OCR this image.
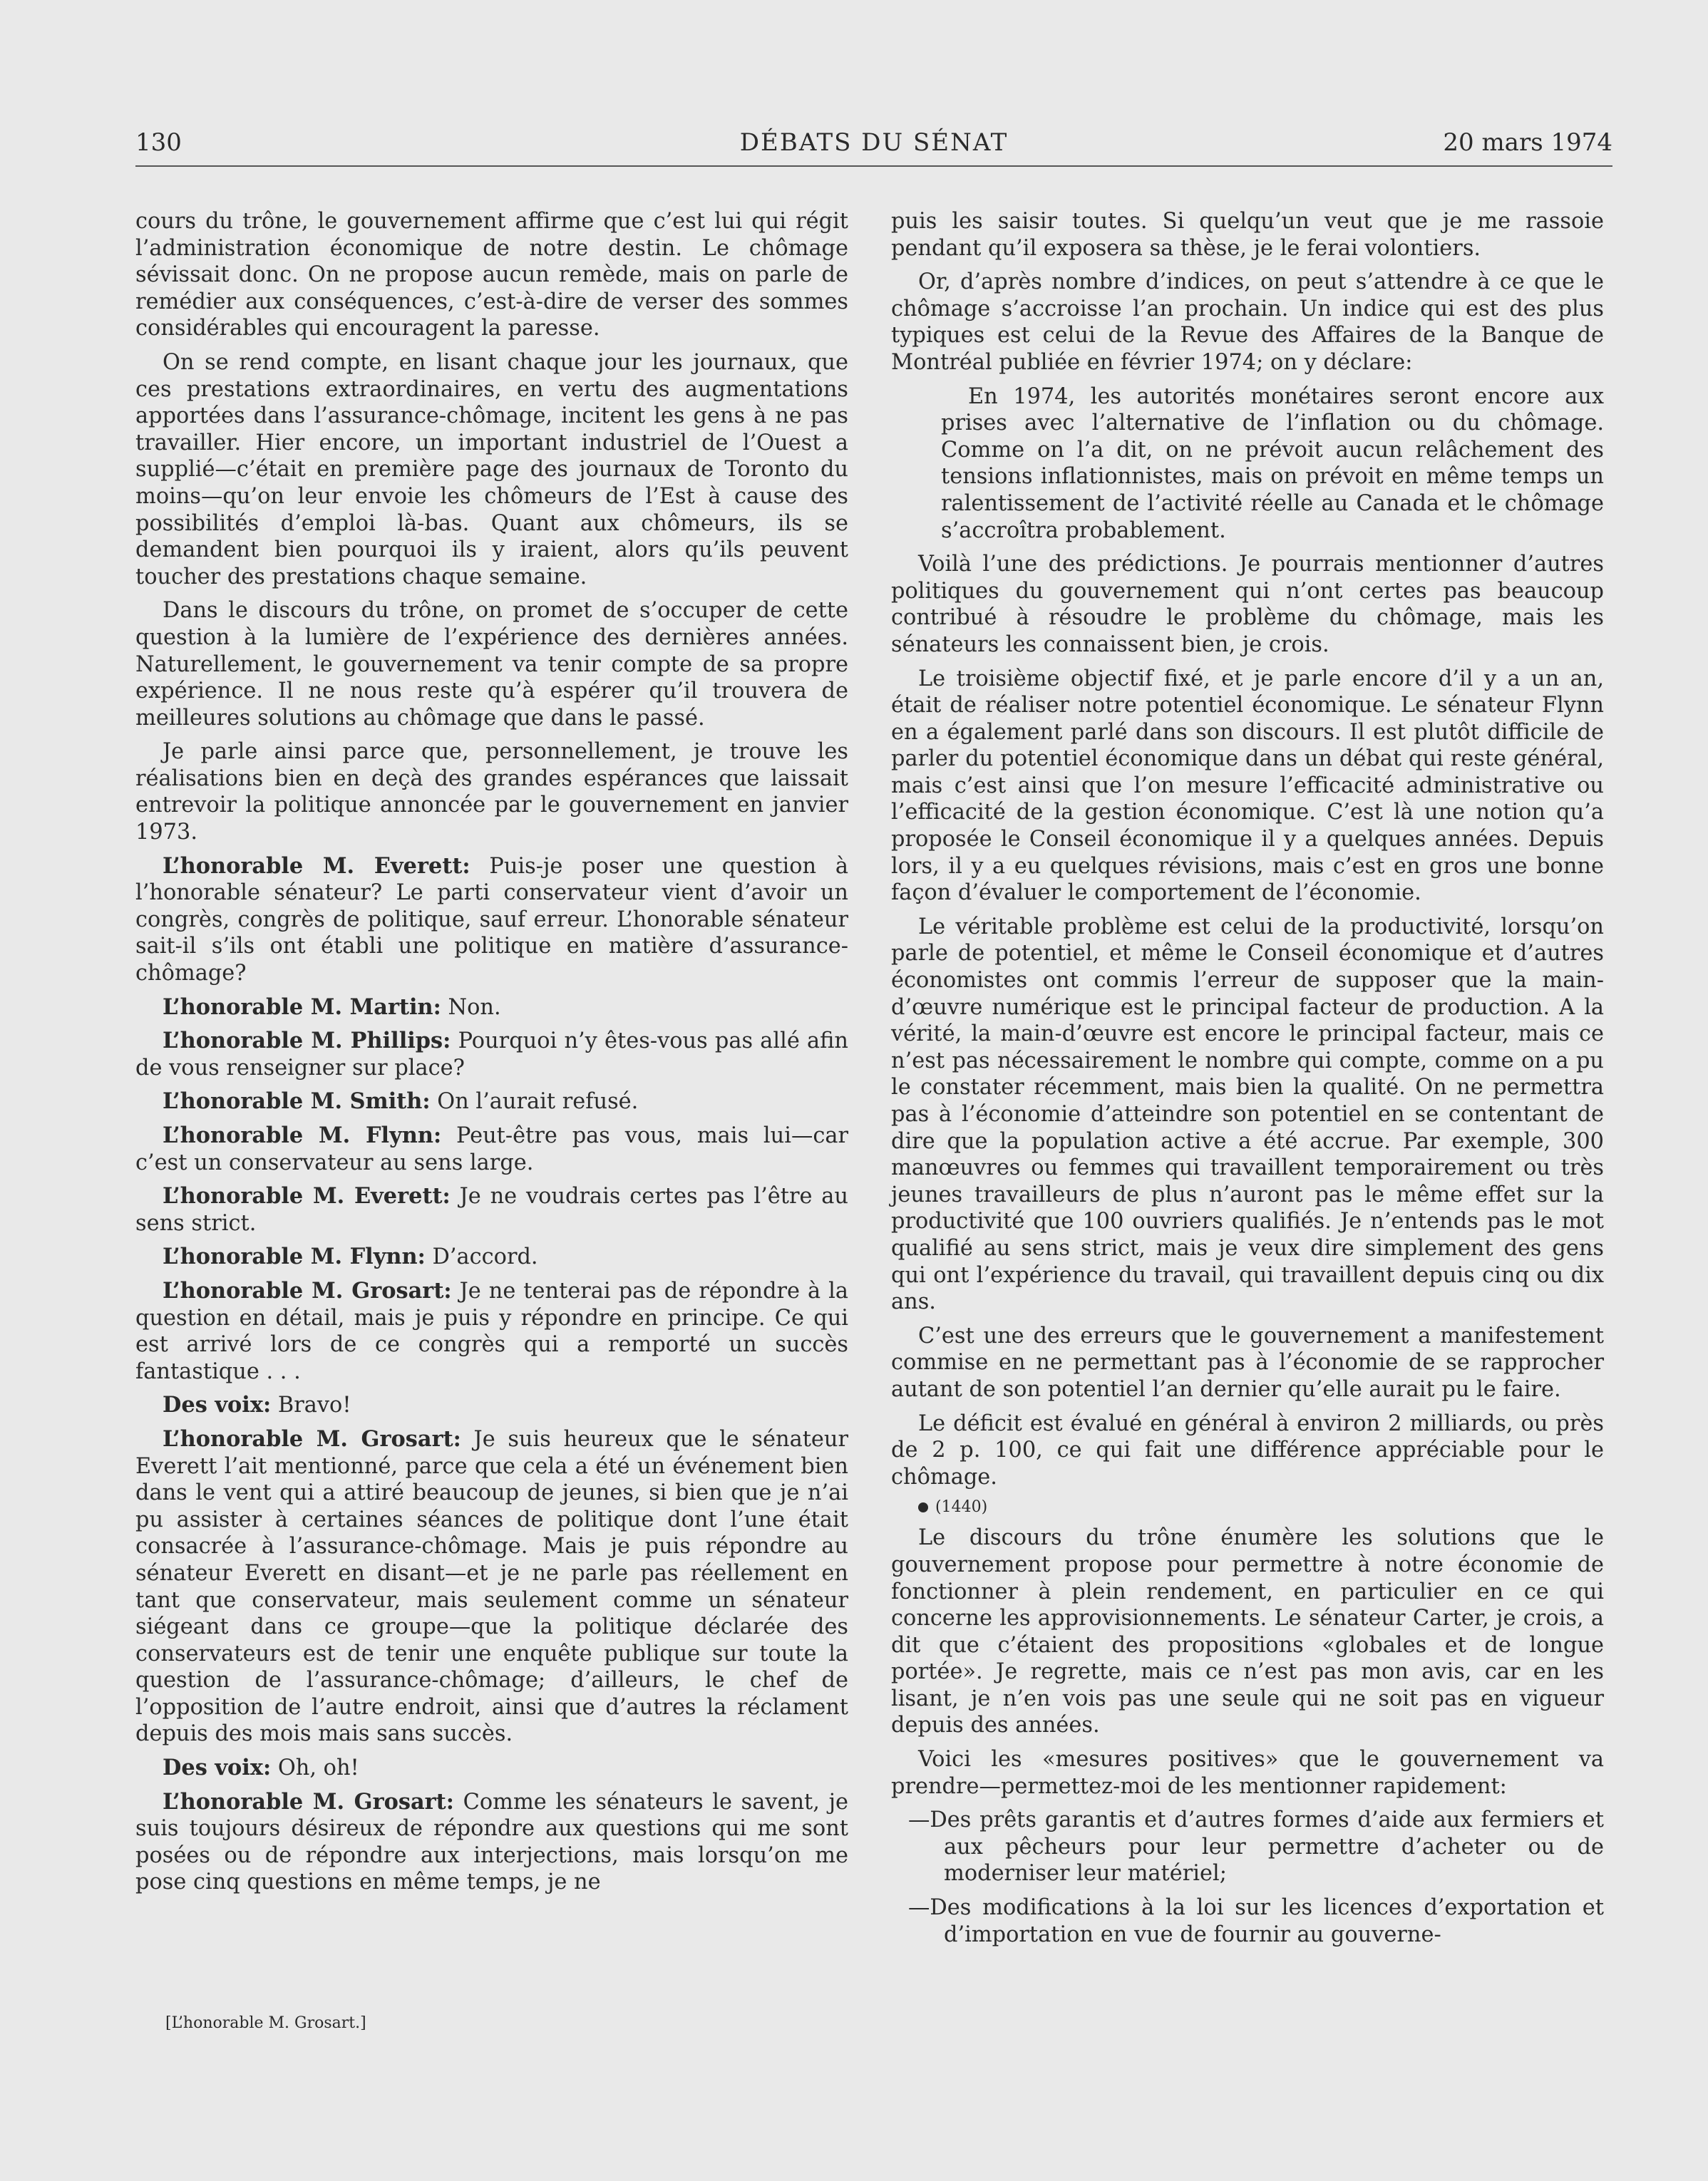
130	DÉBATS DU SÉNAT	20 mars 1974

cours du trône, le gouvernement affirme que c’est lui qui régit l’administration économique de notre destin. Le chômage sévissait donc. On ne propose aucun remède, mais on parle de remédier aux conséquences, c’est-à-dire de verser des sommes considérables qui encouragent la paresse.

On se rend compte, en lisant chaque jour les journaux, que ces prestations extraordinaires, en vertu des augmentations apportées dans l’assurance-chômage, incitent les gens à ne pas travailler. Hier encore, un important industriel de l’Ouest a supplié—c’était en première page des journaux de Toronto du moins—qu’on leur envoie les chômeurs de l’Est à cause des possibilités d’emploi là-bas. Quant aux chômeurs, ils se demandent bien pourquoi ils y iraient, alors qu’ils peuvent toucher des prestations chaque semaine.

Dans le discours du trône, on promet de s’occuper de cette question à la lumière de l’expérience des dernières années. Naturellement, le gouvernement va tenir compte de sa propre expérience. Il ne nous reste qu’à espérer qu’il trouvera de meilleures solutions au chômage que dans le passé.

Je parle ainsi parce que, personnellement, je trouve les réalisations bien en deçà des grandes espérances que laissait entrevoir la politique annoncée par le gouvernement en janvier 1973.

L’honorable M. Everett: Puis-je poser une question à l’honorable sénateur? Le parti conservateur vient d’avoir un congrès, congrès de politique, sauf erreur. L’honorable sénateur sait-il s’ils ont établi une politique en matière d’assurance-chômage?

L’honorable M. Martin: Non.

L’honorable M. Phillips: Pourquoi n’y êtes-vous pas allé afin de vous renseigner sur place?

L’honorable M. Smith: On l’aurait refusé.

L’honorable M. Flynn: Peut-être pas vous, mais lui—car c’est un conservateur au sens large.

L’honorable M. Everett: Je ne voudrais certes pas l’être au sens strict.

L’honorable M. Flynn: D’accord.

L’honorable M. Grosart: Je ne tenterai pas de répondre à la question en détail, mais je puis y répondre en principe. Ce qui est arrivé lors de ce congrès qui a remporté un succès fantastique . . .

Des voix: Bravo!

L’honorable M. Grosart: Je suis heureux que le sénateur Everett l’ait mentionné, parce que cela a été un événement bien dans le vent qui a attiré beaucoup de jeunes, si bien que je n’ai pu assister à certaines séances de politique dont l’une était consacrée à l’assurance-chômage. Mais je puis répondre au sénateur Everett en disant—et je ne parle pas réellement en tant que conservateur, mais seulement comme un sénateur siégeant dans ce groupe—que la politique déclarée des conservateurs est de tenir une enquête publique sur toute la question de l’assurance-chômage; d’ailleurs, le chef de l’opposition de l’autre endroit, ainsi que d’autres la réclament depuis des mois mais sans succès.

Des voix: Oh, oh!

L’honorable M. Grosart: Comme les sénateurs le savent, je suis toujours désireux de répondre aux questions qui me sont posées ou de répondre aux interjections, mais lorsqu’on me pose cinq questions en même temps, je ne

puis les saisir toutes. Si quelqu’un veut que je me rassoie pendant qu’il exposera sa thèse, je le ferai volontiers.

Or, d’après nombre d’indices, on peut s’attendre à ce que le chômage s’accroisse l’an prochain. Un indice qui est des plus typiques est celui de la Revue des Affaires de la Banque de Montréal publiée en février 1974; on y déclare:

En 1974, les autorités monétaires seront encore aux prises avec l’alternative de l’inflation ou du chômage. Comme on l’a dit, on ne prévoit aucun relâchement des tensions inflationnistes, mais on prévoit en même temps un ralentissement de l’activité réelle au Canada et le chômage s’accroîtra probablement.

Voilà l’une des prédictions. Je pourrais mentionner d’autres politiques du gouvernement qui n’ont certes pas beaucoup contribué à résoudre le problème du chômage, mais les sénateurs les connaissent bien, je crois.

Le troisième objectif fixé, et je parle encore d’il y a un an, était de réaliser notre potentiel économique. Le sénateur Flynn en a également parlé dans son discours. Il est plutôt difficile de parler du potentiel économique dans un débat qui reste général, mais c’est ainsi que l’on mesure l’efficacité administrative ou l’efficacité de la gestion économique. C’est là une notion qu’a proposée le Conseil économique il y a quelques années. Depuis lors, il y a eu quelques révisions, mais c’est en gros une bonne façon d’évaluer le comportement de l’économie.

Le véritable problème est celui de la productivité, lorsqu’on parle de potentiel, et même le Conseil économique et d’autres économistes ont commis l’erreur de supposer que la main-d’œuvre numérique est le principal facteur de production. A la vérité, la main-d’œuvre est encore le principal facteur, mais ce n’est pas nécessairement le nombre qui compte, comme on a pu le constater récemment, mais bien la qualité. On ne permettra pas à l’économie d’atteindre son potentiel en se contentant de dire que la population active a été accrue. Par exemple, 300 manœuvres ou femmes qui travaillent temporairement ou très jeunes travailleurs de plus n’auront pas le même effet sur la productivité que 100 ouvriers qualifiés. Je n’entends pas le mot qualifié au sens strict, mais je veux dire simplement des gens qui ont l’expérience du travail, qui travaillent depuis cinq ou dix ans.

C’est une des erreurs que le gouvernement a manifestement commise en ne permettant pas à l’économie de se rapprocher autant de son potentiel l’an dernier qu’elle aurait pu le faire.

Le déficit est évalué en général à environ 2 milliards, ou près de 2 p. 100, ce qui fait une différence appréciable pour le chômage.

(1440)

Le discours du trône énumère les solutions que le gouvernement propose pour permettre à notre économie de fonctionner à plein rendement, en particulier en ce qui concerne les approvisionnements. Le sénateur Carter, je crois, a dit que c’étaient des propositions «globales et de longue portée». Je regrette, mais ce n’est pas mon avis, car en les lisant, je n’en vois pas une seule qui ne soit pas en vigueur depuis des années.

Voici les «mesures positives» que le gouvernement va prendre—permettez-moi de les mentionner rapidement:

—Des prêts garantis et d’autres formes d’aide aux fermiers et aux pêcheurs pour leur permettre d’acheter ou de moderniser leur matériel;

—Des modifications à la loi sur les licences d’exportation et d’importation en vue de fournir au gouverne-

[L’honorable M. Grosart.]
